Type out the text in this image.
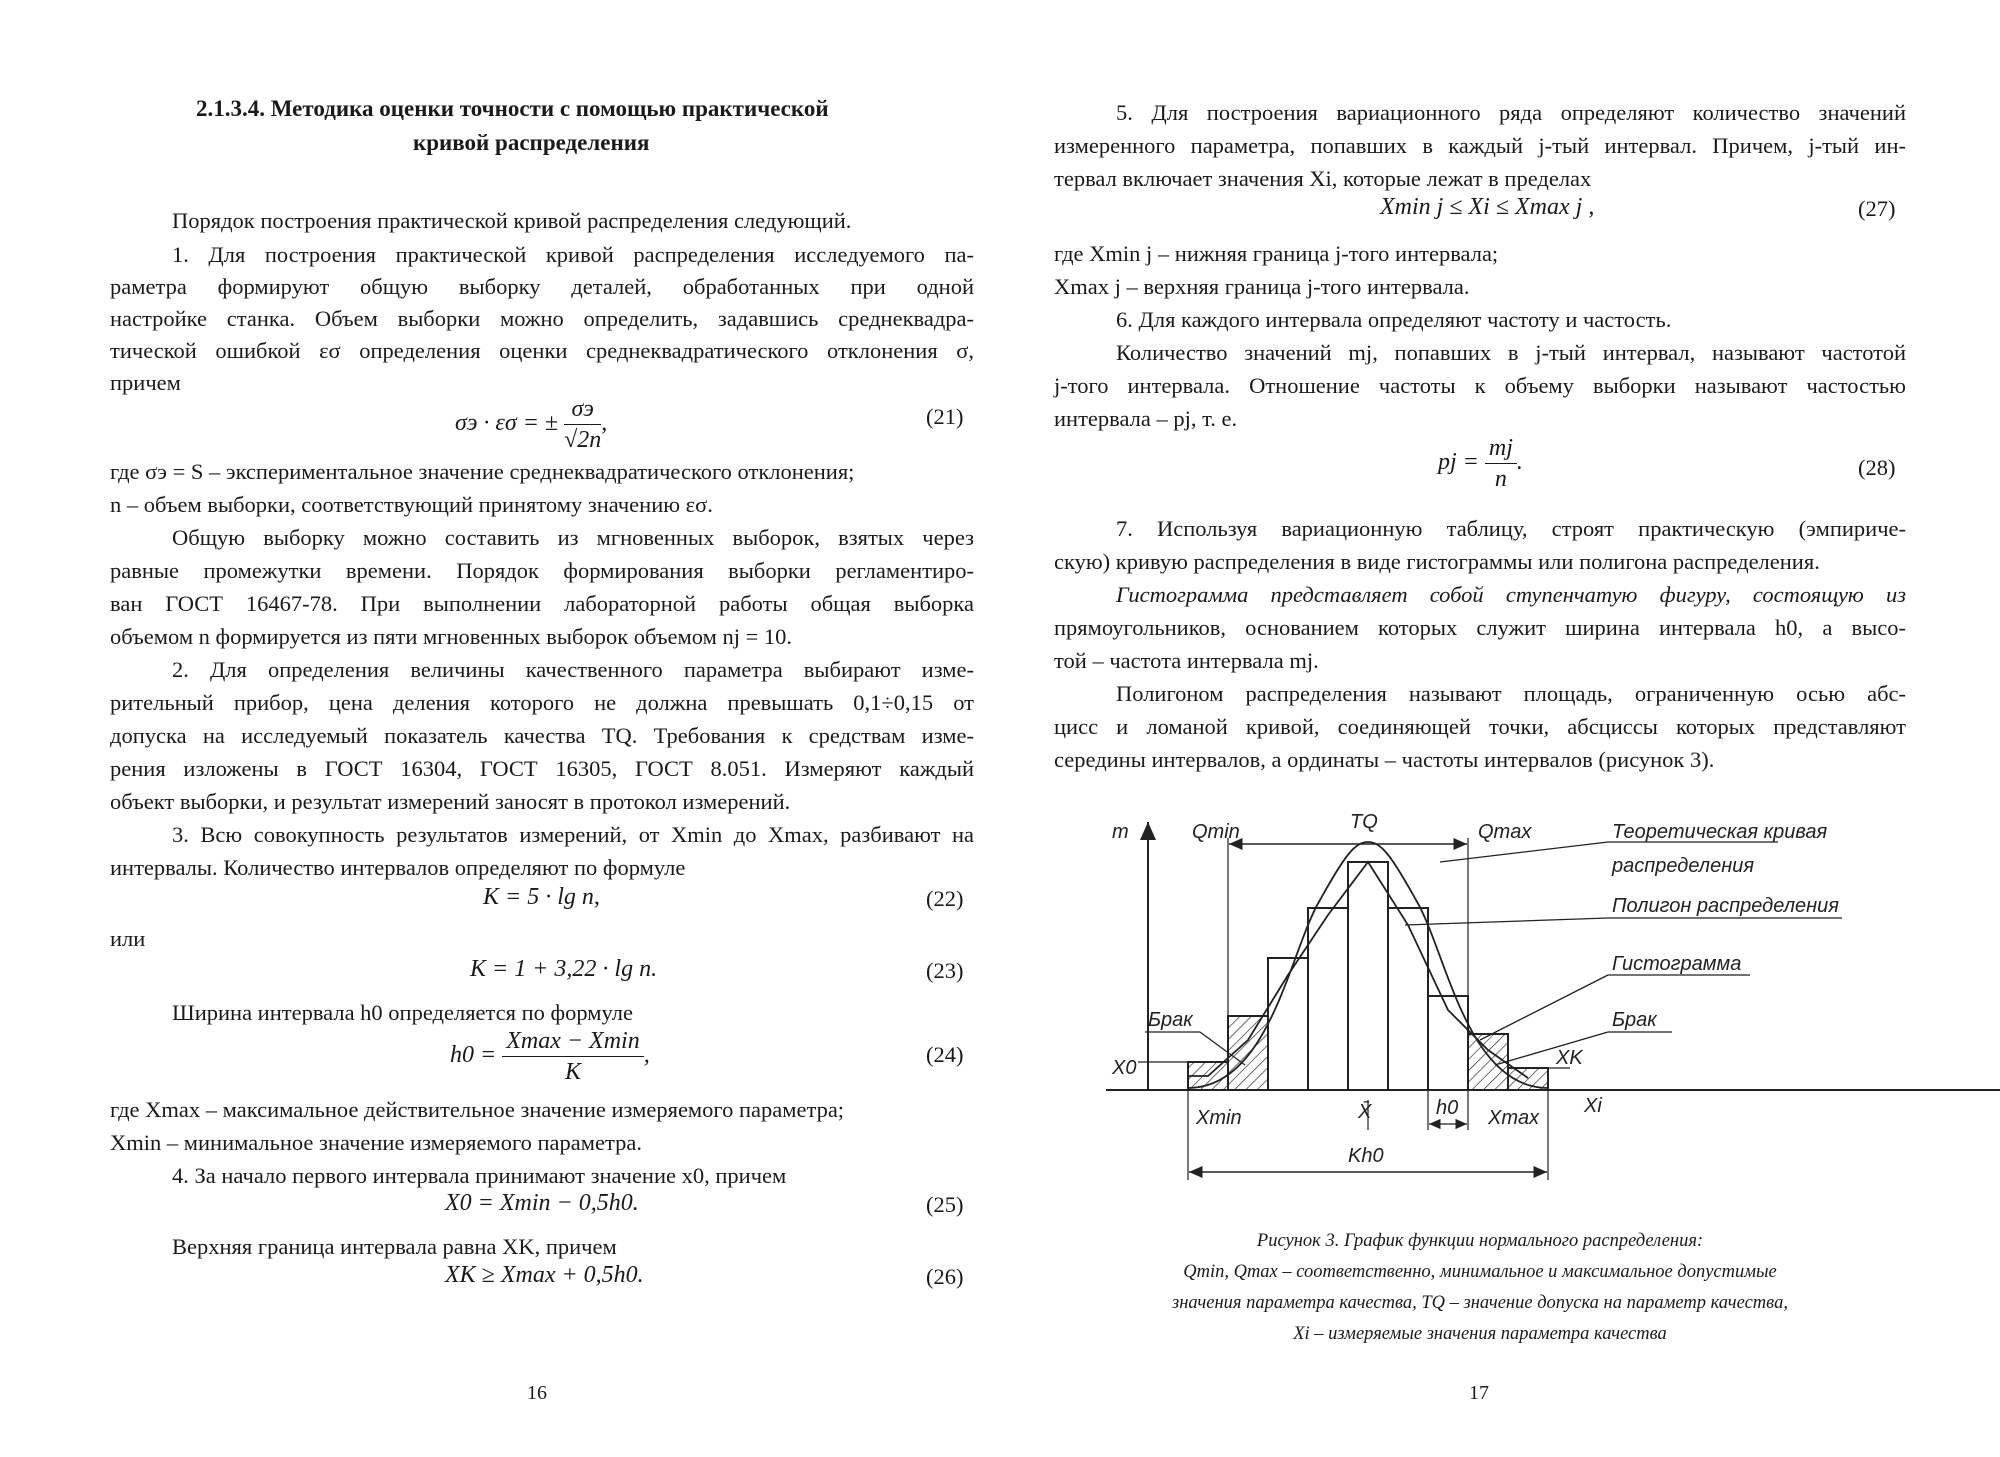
2.1.3.4. Методика оценки точности с помощью практической
кривой распределения
Порядок построения практической кривой распределения следующий.
1. Для построения практической кривой распределения исследуемого па-
раметра формируют общую выборку деталей, обработанных при одной
настройке станка. Объем выборки можно определить, задавшись среднеквадра-
тической ошибкой εσ определения оценки среднеквадратического отклонения σ,
причем
σэ · εσ = ± $\frac{\sigma э}{√2n}$ ,	(21)
где σэ = S – экспериментальное значение среднеквадратического отклонения;
n – объем выборки, соответствующий принятому значению εσ.
Общую выборку можно составить из мгновенных выборок, взятых через
равные промежутки времени. Порядок формирования выборки регламентиро-
ван ГОСТ 16467-78. При выполнении лабораторной работы общая выборка
объемом n формируется из пяти мгновенных выборок объемом nj = 10.
2. Для определения величины качественного параметра выбирают изме-
рительный прибор, цена деления которого не должна превышать 0,1÷0,15 от
допуска на исследуемый показатель качества TQ. Требования к средствам изме-
рения изложены в ГОСТ 16304, ГОСТ 16305, ГОСТ 8.051. Измеряют каждый
объект выборки, и результат измерений заносят в протокол измерений.
3. Всю совокупность результатов измерений, от Xmin до Xmax, разбивают на
интервалы. Количество интервалов определяют по формуле
K = 5 · lg n,	(22)
или
K = 1 + 3,22 · lg n.	(23)
Ширина интервала h0 определяется по формуле
$h0 = \frac{Xmax - Xmin}{K}$ ,	(24)
где Xmax – максимальное действительное значение измеряемого параметра;
Xmin – минимальное значение измеряемого параметра.
4. За начало первого интервала принимают значение x0, причем
X0 = Xmin − 0,5h0.	(25)
Верхняя граница интервала равна XK, причем
XK ≥ Xmax + 0,5h0.	(26)
16
5. Для построения вариационного ряда определяют количество значений
измеренного параметра, попавших в каждый j-тый интервал. Причем, j-тый ин-
тервал включает значения Xi, которые лежат в пределах
Xmin j ≤ Xi ≤ Xmax j ,	(27)
где Xmin j – нижняя граница j-того интервала;
Xmax j – верхняя граница j-того интервала.
6. Для каждого интервала определяют частоту и частость.
Количество значений mj, попавших в j-тый интервал, называют частотой
j-того интервала. Отношение частоты к объему выборки называют частостью
интервала – pj, т. е.
pj = $\frac{mj}{n}$ .	(28)
7. Используя вариационную таблицу, строят практическую (эмпириче-
скую) кривую распределения в виде гистограммы или полигона распределения.
Гистограмма представляет собой ступенчатую фигуру, состоящую из
прямоугольников, основанием которых служит ширина интервала h0, а высо-
той – частота интервала mj.
Полигоном распределения называют площадь, ограниченную осью абс-
цисс и ломаной кривой, соединяющей точки, абсциссы которых представляют
середины интервалов, а ординаты – частоты интервалов (рисунок 3).
m	Qmin	TQ	Qmax	Теоретическая кривая
распределения
Полигон распределения
Гистограмма
Брак	Брак
X0	XK
Xmin	X̄	h0 Xmax
Xi
Kh0
Рисунок 3. График функции нормального распределения:
Qmin, Qmax – соответственно, минимальное и максимальное допустимые
значения параметра качества, TQ – значение допуска на параметр качества,
Xi – измеряемые значения параметра качества
17
